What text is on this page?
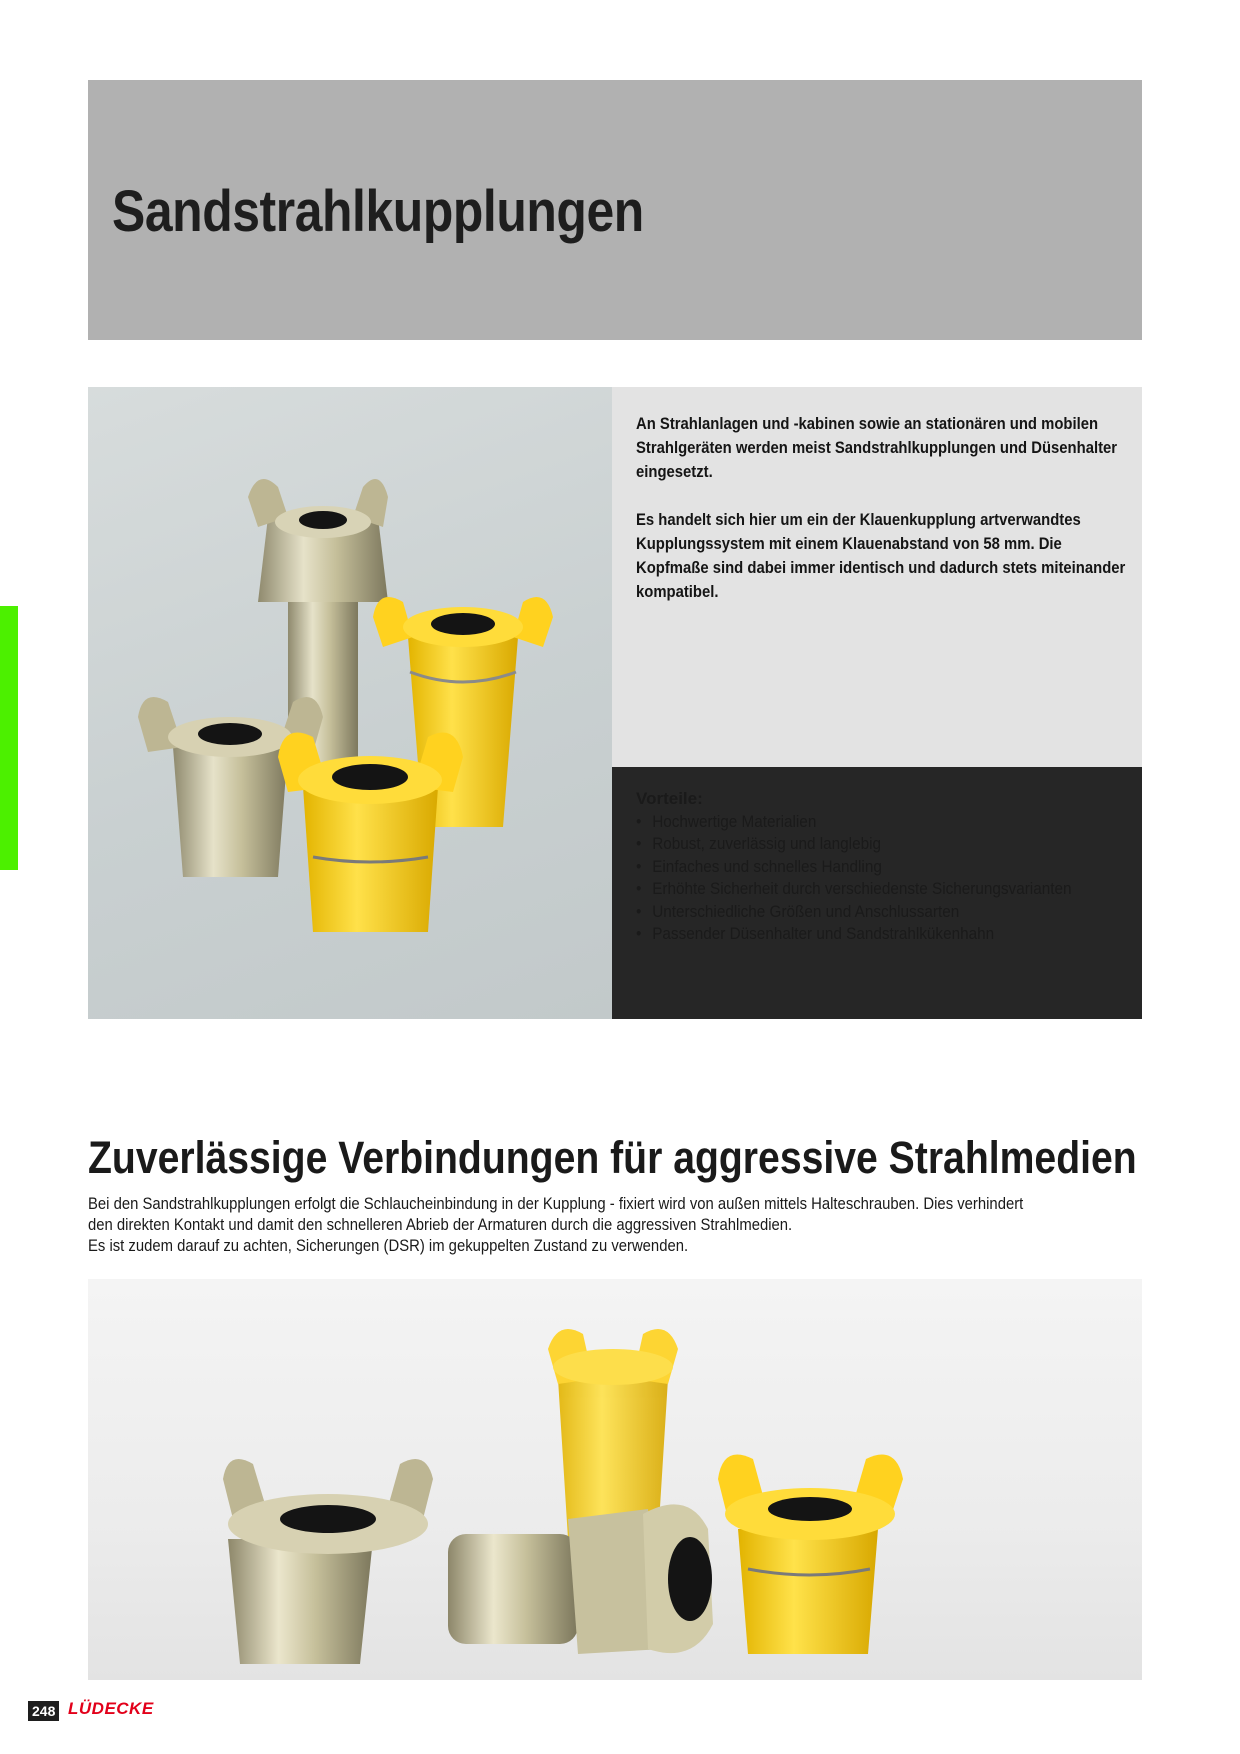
Sandstrahlkupplungen

An Strahlanlagen und -kabinen sowie an stationären und mobilen Strahlgeräten werden meist Sandstrahlkupplungen und Düsenhalter eingesetzt.

Es handelt sich hier um ein der Klauenkupplung artverwandtes Kupplungssystem mit einem Klauenabstand von 58 mm. Die Kopfmaße sind dabei immer identisch und dadurch stets miteinander kompatibel.

Vorteile:
• Hochwertige Materialien
• Robust, zuverlässig und langlebig
• Einfaches und schnelles Handling
• Erhöhte Sicherheit durch verschiedenste Sicherungsvarianten
• Unterschiedliche Größen und Anschlussarten
• Passender Düsenhalter und Sandstrahlkükenhahn
Zuverlässige Verbindungen für aggressive Strahlmedien

Bei den Sandstrahlkupplungen erfolgt die Schlaucheinbindung in der Kupplung - fixiert wird von außen mittels Halteschrauben. Dies verhindert

den direkten Kontakt und damit den schnelleren Abrieb der Armaturen durch die aggressiven Strahlmedien.

Es ist zudem darauf zu achten, Sicherungen (DSR) im gekuppelten Zustand zu verwenden.

248 LÜDECKE
